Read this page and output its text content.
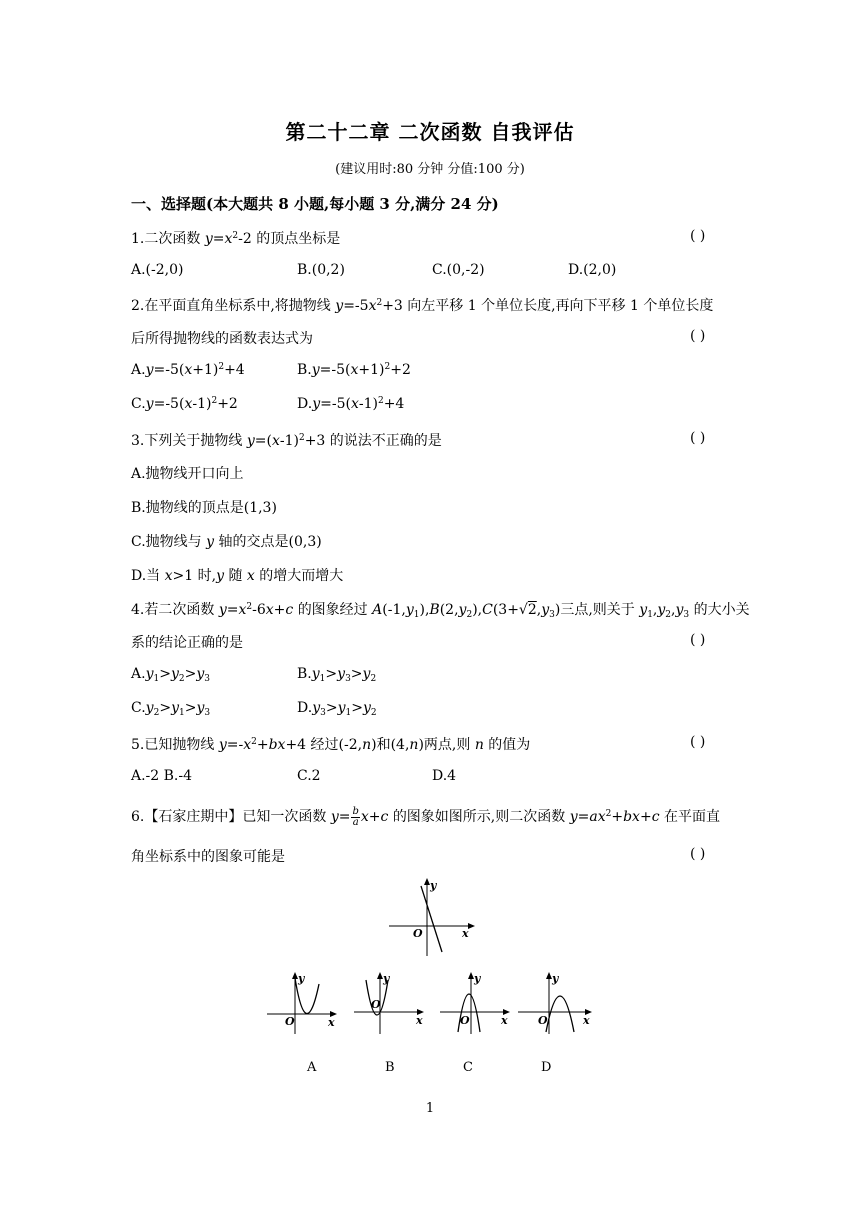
第二十二章 二次函数 自我评估
(建议用时:80 分钟 分值:100 分)
一、选择题(本大题共 8 小题,每小题 3 分,满分 24 分)
1.二次函数 $y=x^2-2$ 的顶点坐标是	( )
A.(-2,0)	B.(0,2)	C.(0,-2)	D.(2,0)
2.在平面直角坐标系中,将抛物线 $y=-5x^2+3$ 向左平移 1 个单位长度,再向下平移 1 个单位长度
后所得抛物线的函数表达式为	( )
$A.y=-5(x+1)^2+4$	$B.y=-5(x+1)^2+2$
$C.y=-5(x-1)^2+2$	$D.y=-5(x-1)^2+4$
3.下列关于抛物线 $y=(x-1)^2+3$ 的说法不正确的是	( )
A.抛物线开口向上
B.抛物线的顶点是(1,3)
C.抛物线与 y 轴的交点是(0,3)
D.当 x>1 时,y 随 x 的增大而增大
4.若二次函数 $y=x^2-6x+c$ 的图象经过 $A(-1,y_1),B(2,y_2),C(3+√2,y_3)$三点,则关于 $y_1,y_2,y_3$ 的大小关
系的结论正确的是	( )
$A.y_1>y_2>y_3$	$B.y_1>y_3>y_2$
$C.y_2>y_1>y_3$	$D.y_3>y_1>y_2$
5.已知抛物线 $y=-x^2+bx+4$ 经过(-2,n)和(4,n)两点,则 n 的值为	( )
A.-2 B.-4	C.2	D.4
6.【石家庄期中】已知一次函数 $y= \frac{b}{a} x+c$ 的图象如图所示,则二次函数 $y=ax^2+bx+c$ 在平面直
角坐标系中的图象可能是	( )
y
O	x
y
O	x
y
O
x
y
O	x
y
O	x
A	B	C	D
1
